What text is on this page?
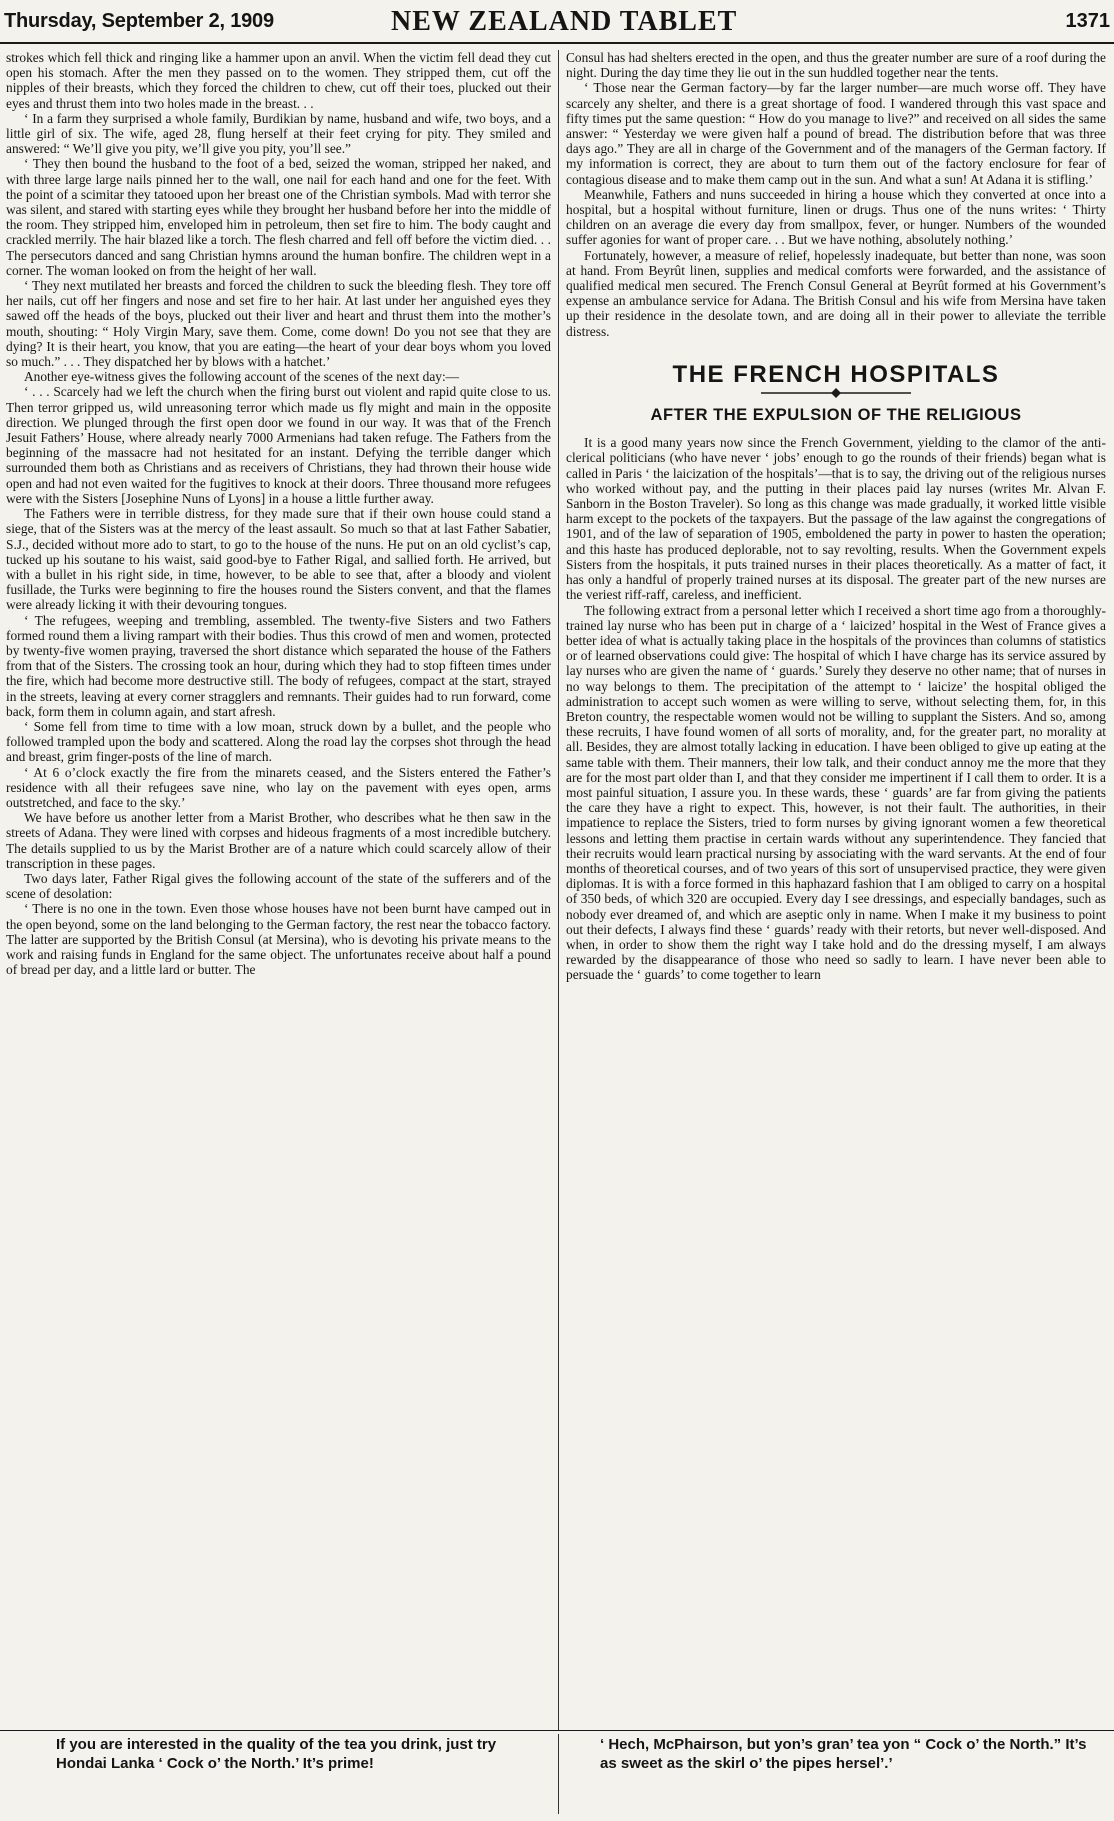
Thursday, September 2, 1909	NEW ZEALAND TABLET	1371

strokes which fell thick and ringing like a hammer upon an anvil. When the victim fell dead they cut open his stomach. After the men they passed on to the women. They stripped them, cut off the nipples of their breasts, which they forced the children to chew, cut off their toes, plucked out their eyes and thrust them into two holes made in the breast. . .

‘ In a farm they surprised a whole family, Burdikian by name, husband and wife, two boys, and a little girl of six. The wife, aged 28, flung herself at their feet crying for pity. They smiled and answered: “ We’ll give you pity, we’ll give you pity, you’ll see.”

‘ They then bound the husband to the foot of a bed, seized the woman, stripped her naked, and with three large large nails pinned her to the wall, one nail for each hand and one for the feet. With the point of a scimitar they tatooed upon her breast one of the Christian symbols. Mad with terror she was silent, and stared with starting eyes while they brought her husband before her into the middle of the room. They stripped him, enveloped him in petroleum, then set fire to him. The body caught and crackled merrily. The hair blazed like a torch. The flesh charred and fell off before the victim died. . . The persecutors danced and sang Christian hymns around the human bonfire. The children wept in a corner. The woman looked on from the height of her wall.

‘ They next mutilated her breasts and forced the children to suck the bleeding flesh. They tore off her nails, cut off her fingers and nose and set fire to her hair. At last under her anguished eyes they sawed off the heads of the boys, plucked out their liver and heart and thrust them into the mother’s mouth, shouting: “ Holy Virgin Mary, save them. Come, come down! Do you not see that they are dying? It is their heart, you know, that you are eating—the heart of your dear boys whom you loved so much.” . . . They dispatched her by blows with a hatchet.’

Another eye-witness gives the following account of the scenes of the next day:—

‘ . . . Scarcely had we left the church when the firing burst out violent and rapid quite close to us. Then terror gripped us, wild unreasoning terror which made us fly might and main in the opposite direction. We plunged through the first open door we found in our way. It was that of the French Jesuit Fathers’ House, where already nearly 7000 Armenians had taken refuge. The Fathers from the beginning of the massacre had not hesitated for an instant. Defying the terrible danger which surrounded them both as Christians and as receivers of Christians, they had thrown their house wide open and had not even waited for the fugitives to knock at their doors. Three thousand more refugees were with the Sisters [Josephine Nuns of Lyons] in a house a little further away.

The Fathers were in terrible distress, for they made sure that if their own house could stand a siege, that of the Sisters was at the mercy of the least assault. So much so that at last Father Sabatier, S.J., decided without more ado to start, to go to the house of the nuns. He put on an old cyclist’s cap, tucked up his soutane to his waist, said good-bye to Father Rigal, and sallied forth. He arrived, but with a bullet in his right side, in time, however, to be able to see that, after a bloody and violent fusillade, the Turks were beginning to fire the houses round the Sisters convent, and that the flames were already licking it with their devouring tongues.

‘ The refugees, weeping and trembling, assembled. The twenty-five Sisters and two Fathers formed round them a living rampart with their bodies. Thus this crowd of men and women, protected by twenty-five women praying, traversed the short distance which separated the house of the Fathers from that of the Sisters. The crossing took an hour, during which they had to stop fifteen times under the fire, which had become more destructive still. The body of refugees, compact at the start, strayed in the streets, leaving at every corner stragglers and remnants. Their guides had to run forward, come back, form them in column again, and start afresh.

‘ Some fell from time to time with a low moan, struck down by a bullet, and the people who followed trampled upon the body and scattered. Along the road lay the corpses shot through the head and breast, grim finger-posts of the line of march.

‘ At 6 o’clock exactly the fire from the minarets ceased, and the Sisters entered the Father’s residence with all their refugees save nine, who lay on the pavement with eyes open, arms outstretched, and face to the sky.’

We have before us another letter from a Marist Brother, who describes what he then saw in the streets of Adana. They were lined with corpses and hideous fragments of a most incredible butchery. The details supplied to us by the Marist Brother are of a nature which could scarcely allow of their transcription in these pages.

Two days later, Father Rigal gives the following account of the state of the sufferers and of the scene of desolation:

‘ There is no one in the town. Even those whose houses have not been burnt have camped out in the open beyond, some on the land belonging to the German factory, the rest near the tobacco factory. The latter are supported by the British Consul (at Mersina), who is devoting his private means to the work and raising funds in England for the same object. The unfortunates receive about half a pound of bread per day, and a little lard or butter. The

Consul has had shelters erected in the open, and thus the greater number are sure of a roof during the night. During the day time they lie out in the sun huddled together near the tents.

‘ Those near the German factory—by far the larger number—are much worse off. They have scarcely any shelter, and there is a great shortage of food. I wandered through this vast space and fifty times put the same question: “ How do you manage to live?” and received on all sides the same answer: “ Yesterday we were given half a pound of bread. The distribution before that was three days ago.” They are all in charge of the Government and of the managers of the German factory. If my information is correct, they are about to turn them out of the factory enclosure for fear of contagious disease and to make them camp out in the sun. And what a sun! At Adana it is stifling.’

Meanwhile, Fathers and nuns succeeded in hiring a house which they converted at once into a hospital, but a hospital without furniture, linen or drugs. Thus one of the nuns writes: ‘ Thirty children on an average die every day from smallpox, fever, or hunger. Numbers of the wounded suffer agonies for want of proper care. . . But we have nothing, absolutely nothing.’

Fortunately, however, a measure of relief, hopelessly inadequate, but better than none, was soon at hand. From Beyrût linen, supplies and medical comforts were forwarded, and the assistance of qualified medical men secured. The French Consul General at Beyrût formed at his Government’s expense an ambulance service for Adana. The British Consul and his wife from Mersina have taken up their residence in the desolate town, and are doing all in their power to alleviate the terrible distress.

THE FRENCH HOSPITALS
AFTER THE EXPULSION OF THE RELIGIOUS

It is a good many years now since the French Government, yielding to the clamor of the anti-clerical politicians (who have never ‘ jobs’ enough to go the rounds of their friends) began what is called in Paris ‘ the laicization of the hospitals’—that is to say, the driving out of the religious nurses who worked without pay, and the putting in their places paid lay nurses (writes Mr. Alvan F. Sanborn in the Boston Traveler). So long as this change was made gradually, it worked little visible harm except to the pockets of the taxpayers. But the passage of the law against the congregations of 1901, and of the law of separation of 1905, emboldened the party in power to hasten the operation; and this haste has produced deplorable, not to say revolting, results. When the Government expels Sisters from the hospitals, it puts trained nurses in their places theoretically. As a matter of fact, it has only a handful of properly trained nurses at its disposal. The greater part of the new nurses are the veriest riff-raff, careless, and inefficient.

The following extract from a personal letter which I received a short time ago from a thoroughly-trained lay nurse who has been put in charge of a ‘ laicized’ hospital in the West of France gives a better idea of what is actually taking place in the hospitals of the provinces than columns of statistics or of learned observations could give: The hospital of which I have charge has its service assured by lay nurses who are given the name of ‘ guards.’ Surely they deserve no other name; that of nurses in no way belongs to them. The precipitation of the attempt to ‘ laicize’ the hospital obliged the administration to accept such women as were willing to serve, without selecting them, for, in this Breton country, the respectable women would not be willing to supplant the Sisters. And so, among these recruits, I have found women of all sorts of morality, and, for the greater part, no morality at all. Besides, they are almost totally lacking in education. I have been obliged to give up eating at the same table with them. Their manners, their low talk, and their conduct annoy me the more that they are for the most part older than I, and that they consider me impertinent if I call them to order. It is a most painful situation, I assure you. In these wards, these ‘ guards’ are far from giving the patients the care they have a right to expect. This, however, is not their fault. The authorities, in their impatience to replace the Sisters, tried to form nurses by giving ignorant women a few theoretical lessons and letting them practise in certain wards without any superintendence. They fancied that their recruits would learn practical nursing by associating with the ward servants. At the end of four months of theoretical courses, and of two years of this sort of unsupervised practice, they were given diplomas. It is with a force formed in this haphazard fashion that I am obliged to carry on a hospital of 350 beds, of which 320 are occupied. Every day I see dressings, and especially bandages, such as nobody ever dreamed of, and which are aseptic only in name. When I make it my business to point out their defects, I always find these ‘ guards’ ready with their retorts, but never well-disposed. And when, in order to show them the right way I take hold and do the dressing myself, I am always rewarded by the disappearance of those who need so sadly to learn. I have never been able to persuade the ‘ guards’ to come together to learn

If you are interested in the quality of the tea you drink, just try Hondai Lanka ‘ Cock o’ the North.’ It’s prime!
‘ Hech, McPhairson, but yon’s gran’ tea yon “ Cock o’ the North.” It’s as sweet as the skirl o’ the pipes hersel’.’
